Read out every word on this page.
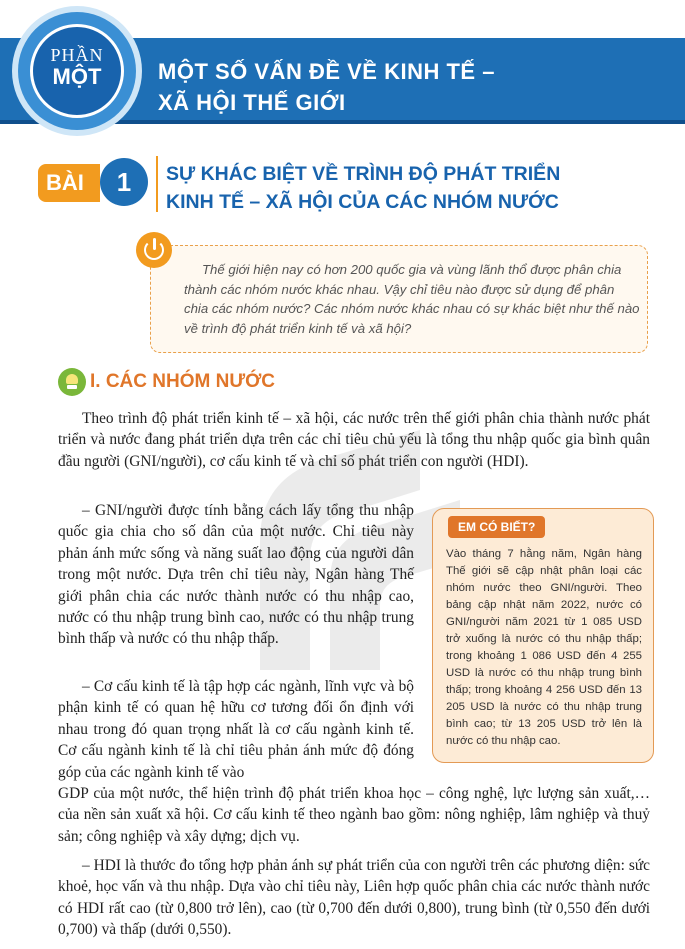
PHẦN
MỘT	MỘT SỐ VẤN ĐỀ VỀ KINH TẾ –
XÃ HỘI THẾ GIỚI
BÀI	1	SỰ KHÁC BIỆT VỀ TRÌNH ĐỘ PHÁT TRIỂN
KINH TẾ – XÃ HỘI CỦA CÁC NHÓM NƯỚC

Thế giới hiện nay có hơn 200 quốc gia và vùng lãnh thổ được phân chia thành các nhóm nước khác nhau. Vậy chỉ tiêu nào được sử dụng để phân chia các nhóm nước? Các nhóm nước khác nhau có sự khác biệt như thế nào về trình độ phát triển kinh tế và xã hội?

I. CÁC NHÓM NƯỚC

Theo trình độ phát triển kinh tế – xã hội, các nước trên thế giới phân chia thành nước phát triển và nước đang phát triển dựa trên các chỉ tiêu chủ yếu là tổng thu nhập quốc gia bình quân đầu người (GNI/người), cơ cấu kinh tế và chỉ số phát triển con người (HDI).

– GNI/người được tính bằng cách lấy tổng thu nhập quốc gia chia cho số dân của một nước. Chỉ tiêu này phản ánh mức sống và năng suất lao động của người dân trong một nước. Dựa trên chỉ tiêu này, Ngân hàng Thế giới phân chia các nước thành nước có thu nhập cao, nước có thu nhập trung bình cao, nước có thu nhập trung bình thấp và nước có thu nhập thấp.

– Cơ cấu kinh tế là tập hợp các ngành, lĩnh vực và bộ phận kinh tế có quan hệ hữu cơ tương đối ổn định với nhau trong đó quan trọng nhất là cơ cấu ngành kinh tế. Cơ cấu ngành kinh tế là chỉ tiêu phản ánh mức độ đóng góp của các ngành kinh tế vào

GDP của một nước, thể hiện trình độ phát triển khoa học – công nghệ, lực lượng sản xuất,… của nền sản xuất xã hội. Cơ cấu kinh tế theo ngành bao gồm: nông nghiệp, lâm nghiệp và thuỷ sản; công nghiệp và xây dựng; dịch vụ.

– HDI là thước đo tổng hợp phản ánh sự phát triển của con người trên các phương diện: sức khoẻ, học vấn và thu nhập. Dựa vào chỉ tiêu này, Liên hợp quốc phân chia các nước thành nước có HDI rất cao (từ 0,800 trở lên), cao (từ 0,700 đến dưới 0,800), trung bình (từ 0,550 đến dưới 0,700) và thấp (dưới 0,550).

EM CÓ BIẾT?

Vào tháng 7 hằng năm, Ngân hàng Thế giới sẽ cập nhật phân loại các nhóm nước theo GNI/người. Theo bảng cập nhật năm 2022, nước có GNI/người năm 2021 từ 1 085 USD trở xuống là nước có thu nhập thấp; trong khoảng 1 086 USD đến 4 255 USD là nước có thu nhập trung bình thấp; trong khoảng 4 256 USD đến 13 205 USD là nước có thu nhập trung bình cao; từ 13 205 USD trở lên là nước có thu nhập cao.
